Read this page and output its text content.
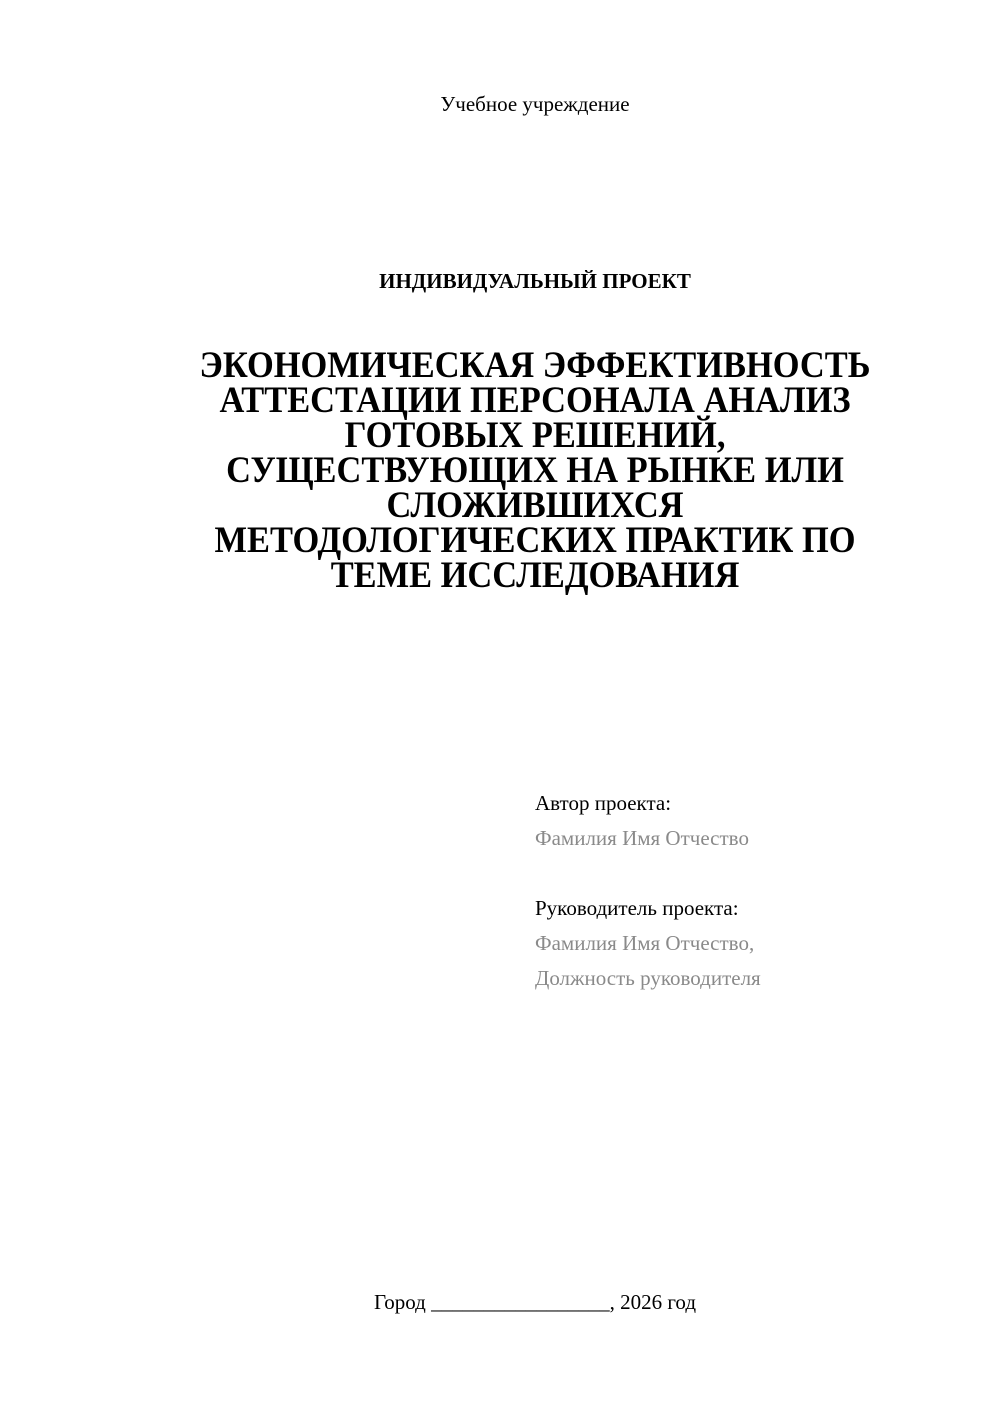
Учебное учреждение
ИНДИВИДУАЛЬНЫЙ ПРОЕКТ
ЭКОНОМИЧЕСКАЯ ЭФФЕКТИВНОСТЬ
АТТЕСТАЦИИ ПЕРСОНАЛА АНАЛИЗ
ГОТОВЫХ РЕШЕНИЙ,
СУЩЕСТВУЮЩИХ НА РЫНКЕ ИЛИ
СЛОЖИВШИХСЯ
МЕТОДОЛОГИЧЕСКИХ ПРАКТИК ПО
ТЕМЕ ИССЛЕДОВАНИЯ
Автор проекта:
Фамилия Имя Отчество
Руководитель проекта:
Фамилия Имя Отчество,
Должность руководителя
Город _________________, 2026 год
